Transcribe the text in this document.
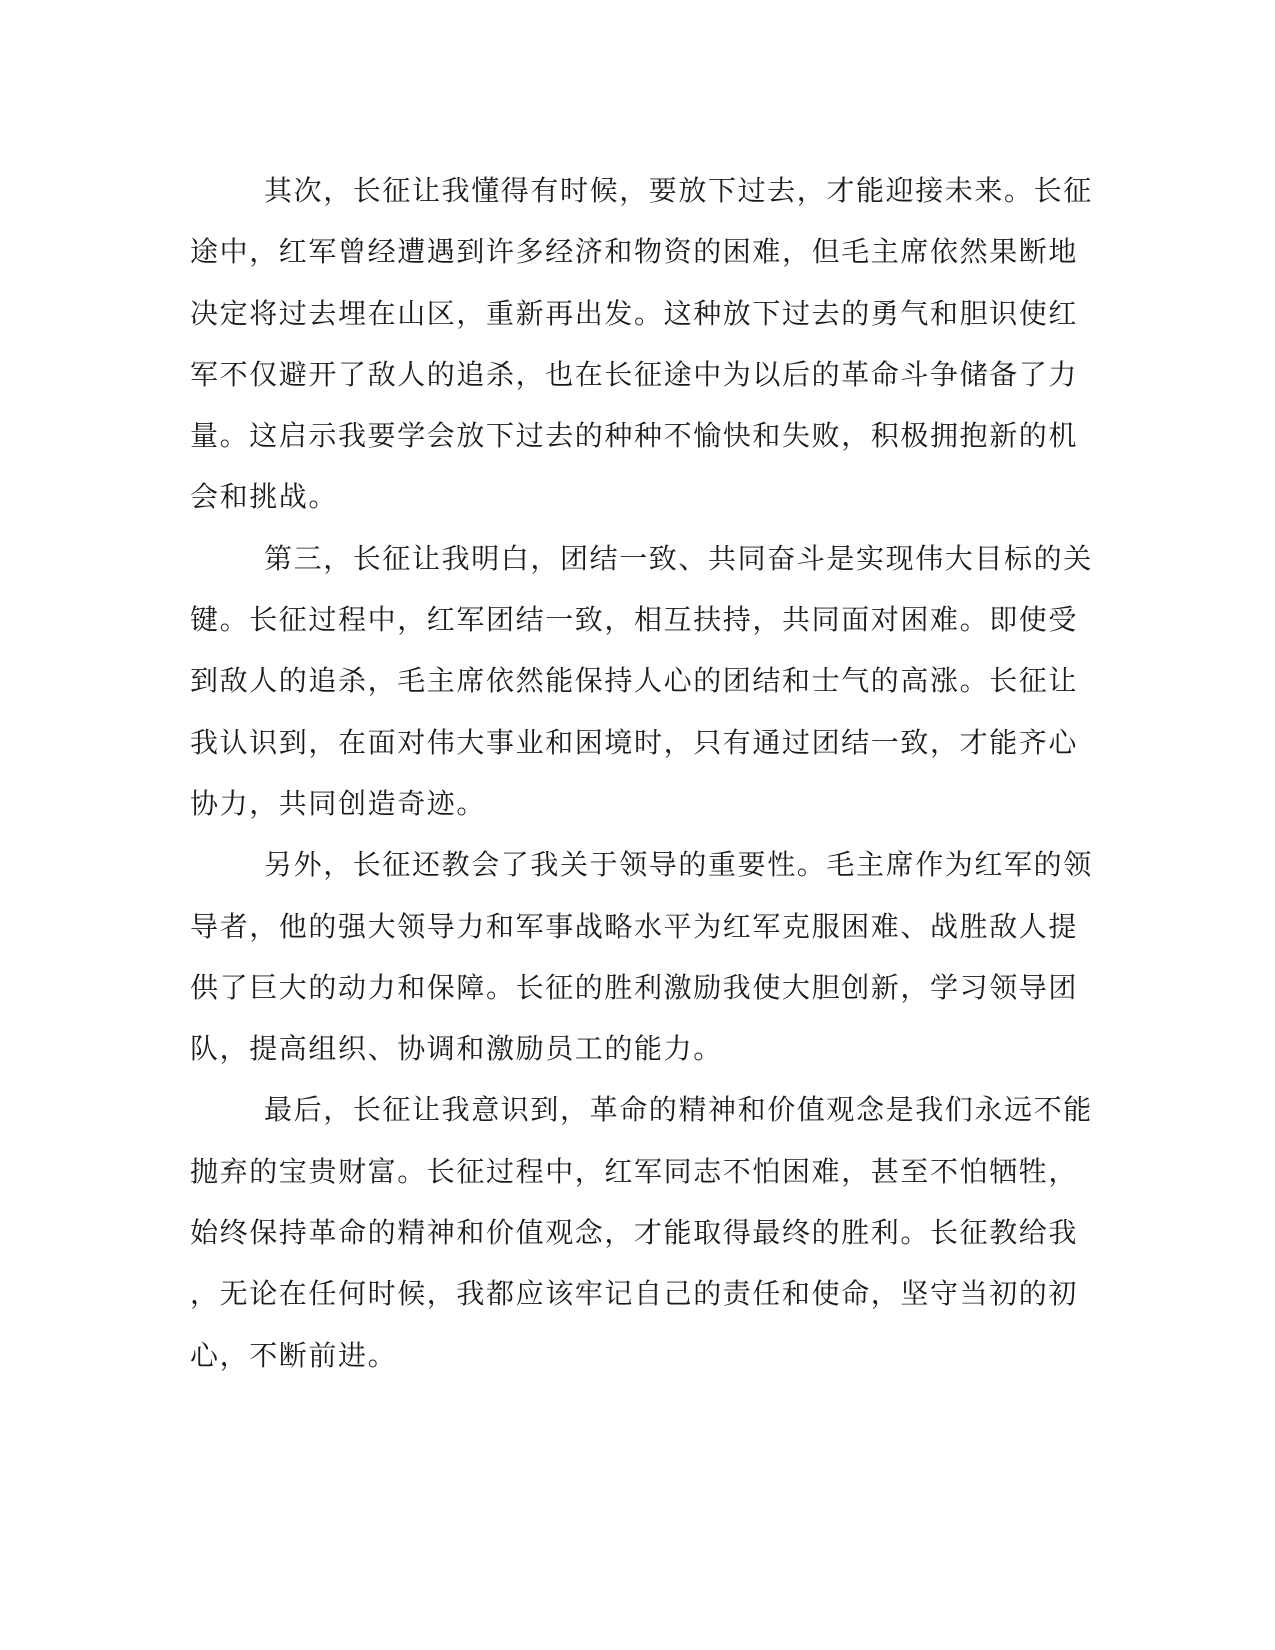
其次，长征让我懂得有时候，要放下过去，才能迎接未来。长征
途中，红军曾经遭遇到许多经济和物资的困难，但毛主席依然果断地
决定将过去埋在山区，重新再出发。这种放下过去的勇气和胆识使红
军不仅避开了敌人的追杀，也在长征途中为以后的革命斗争储备了力
量。这启示我要学会放下过去的种种不愉快和失败，积极拥抱新的机
会和挑战。
第三，长征让我明白，团结一致、共同奋斗是实现伟大目标的关
键。长征过程中，红军团结一致，相互扶持，共同面对困难。即使受
到敌人的追杀，毛主席依然能保持人心的团结和士气的高涨。长征让
我认识到，在面对伟大事业和困境时，只有通过团结一致，才能齐心
协力，共同创造奇迹。
另外，长征还教会了我关于领导的重要性。毛主席作为红军的领
导者，他的强大领导力和军事战略水平为红军克服困难、战胜敌人提
供了巨大的动力和保障。长征的胜利激励我使大胆创新，学习领导团
队，提高组织、协调和激励员工的能力。
最后，长征让我意识到，革命的精神和价值观念是我们永远不能
抛弃的宝贵财富。长征过程中，红军同志不怕困难，甚至不怕牺牲，
始终保持革命的精神和价值观念，才能取得最终的胜利。长征教给我
，无论在任何时候，我都应该牢记自己的责任和使命，坚守当初的初
心，不断前进。
